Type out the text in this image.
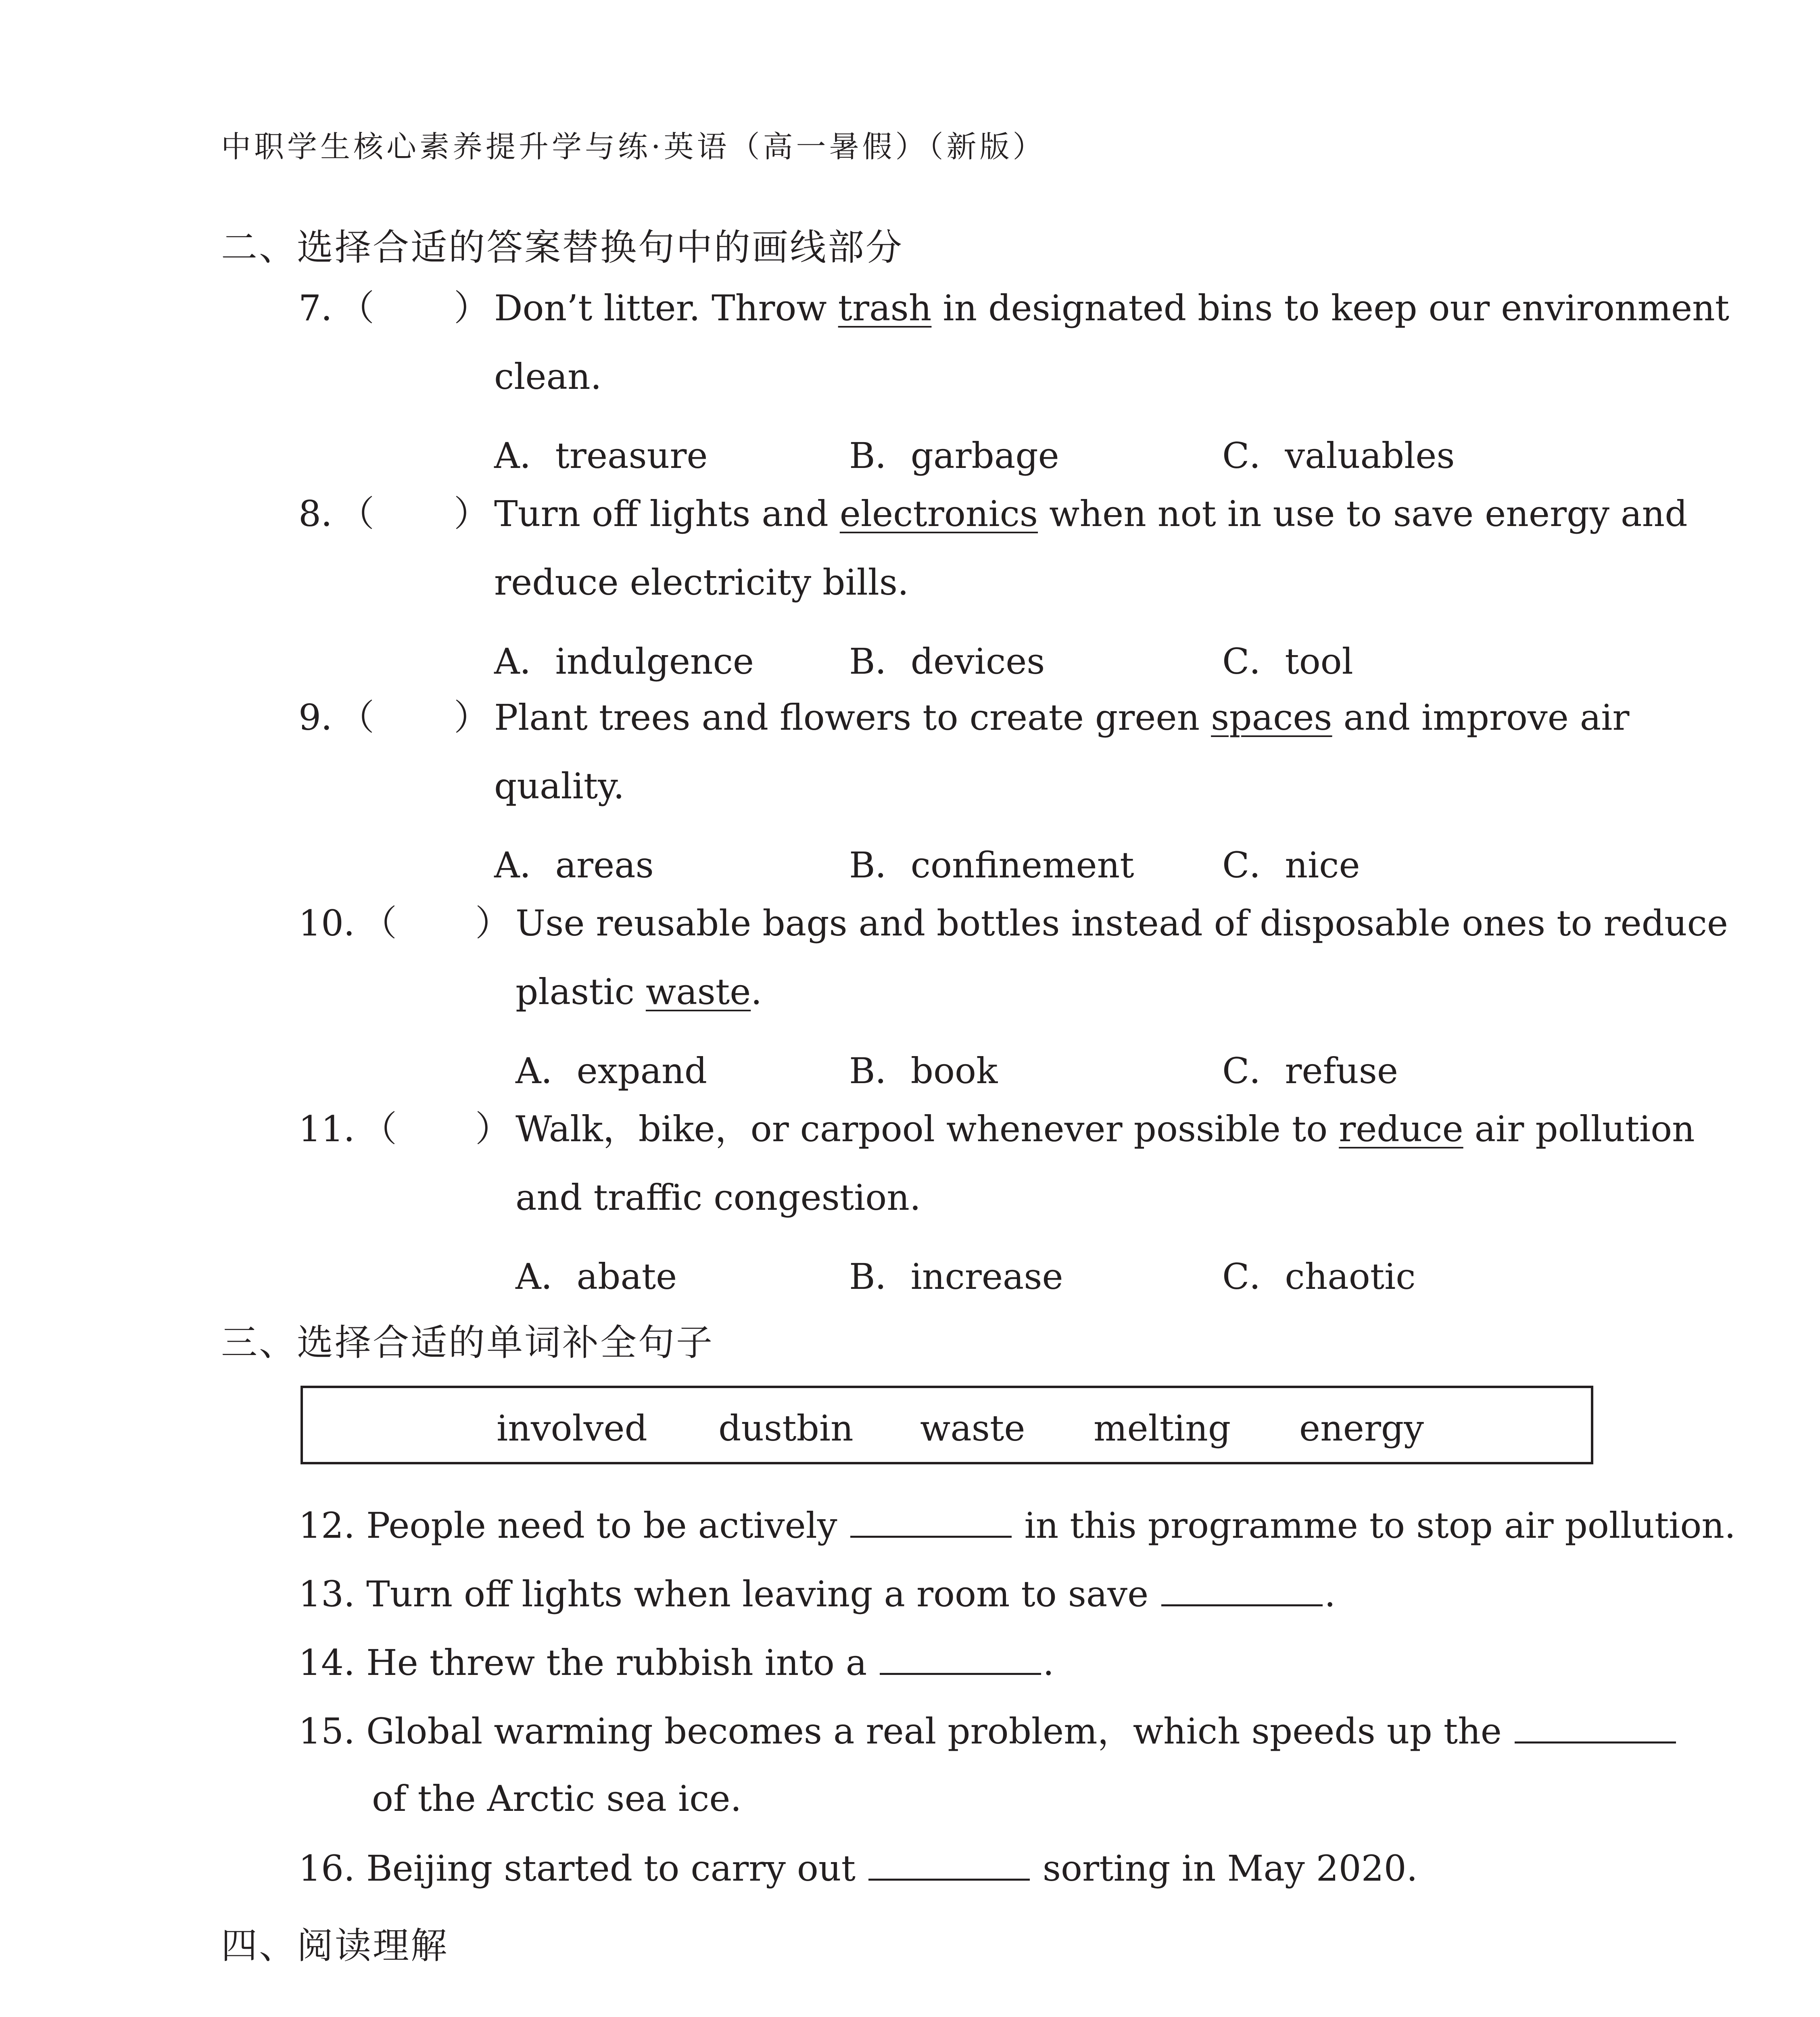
中职学生核心素养提升学与练·英语（高一暑假）（新版）
二、选择合适的答案替换句中的画线部分
7．（ ） Don’t litter. Throw trash in designated bins to keep our environment
clean.
A．treasure	B．garbage	C．valuables
8．（ ） Turn off lights and electronics when not in use to save energy and
reduce electricity bills.
A．indulgence	B．devices	C．tool
9．（ ） Plant trees and flowers to create green spaces and improve air
quality.
A．areas	B．confinement C．nice
10．（ ） Use reusable bags and bottles instead of disposable ones to reduce
plastic waste.
A．expand	B．book	C．refuse
11．（ ） Walk，bike，or carpool whenever possible to reduce air pollution
and traffic congestion.
A．abate	B．increase	C．chaotic
三、选择合适的单词补全句子
involved dustbin waste melting energy
12. People need to be actively	in this programme to stop air pollution.
13. Turn off lights when leaving a room to save	.
14. He threw the rubbish into a	.
15. Global warming becomes a real problem，which speeds up the
of the Arctic sea ice.
16. Beijing started to carry out	sorting in May 2020.
四、阅读理解
